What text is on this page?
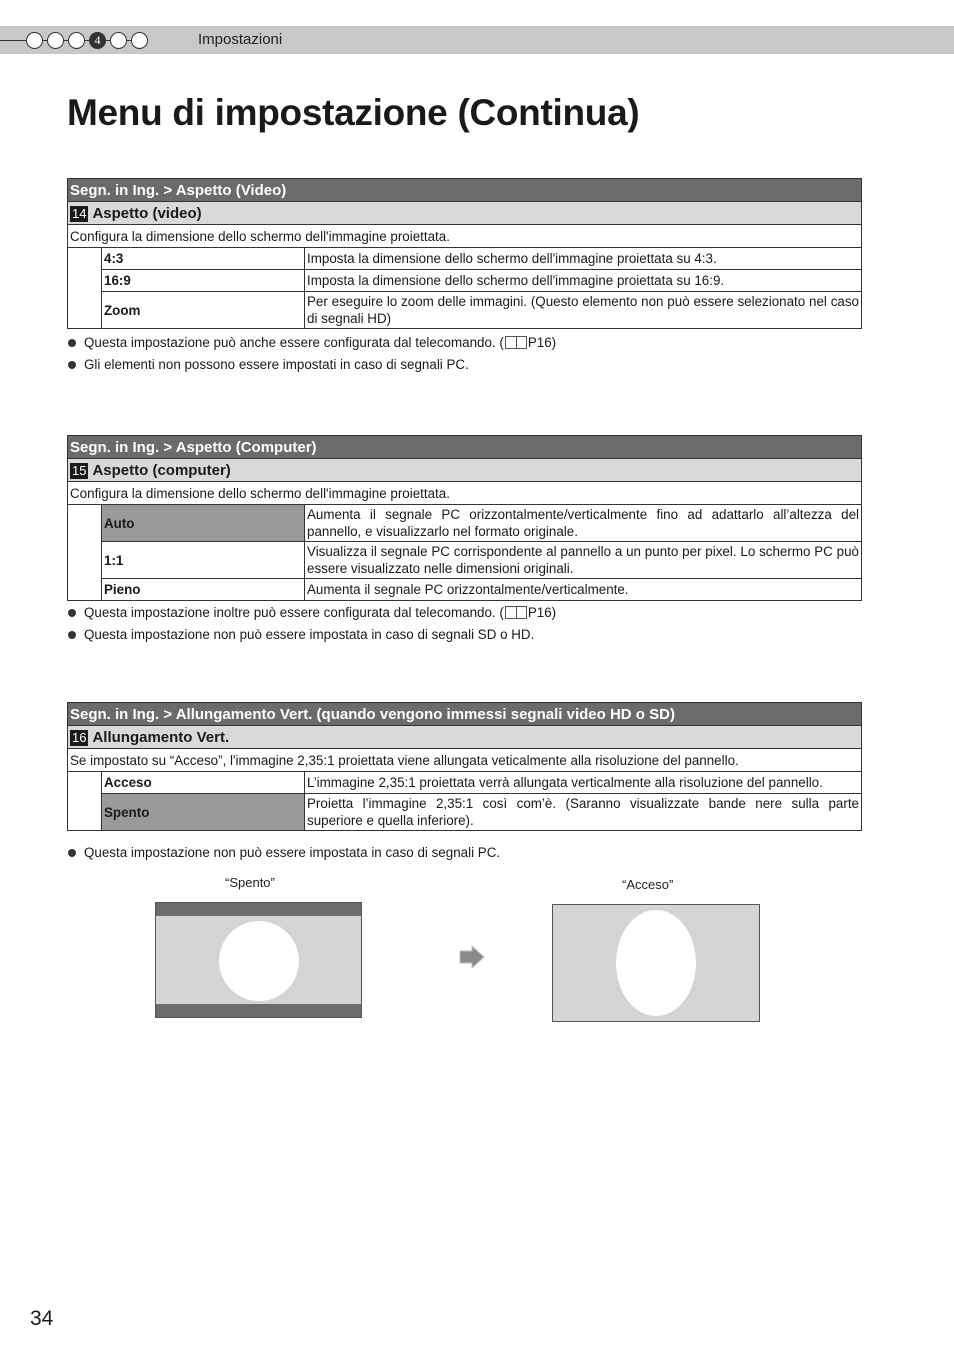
4	Impostazioni
Menu di impostazione (Continua)
Segn. in Ing. > Aspetto (Video)		
14 Aspetto (video)		
Configura la dimensione dello schermo dell'immagine proiettata.		
	4:3	Imposta la dimensione dello schermo dell'immagine proiettata su 4:3.
	16:9	Imposta la dimensione dello schermo dell'immagine proiettata su 16:9.
	Zoom	Per eseguire lo zoom delle immagini. (Questo elemento non può essere selezionato nel caso di segnali HD)
Questa impostazione può anche essere configurata dal telecomando. ( P16)
Gli elementi non possono essere impostati in caso di segnali PC.
Segn. in Ing. > Aspetto (Computer)		
15 Aspetto (computer)		
Configura la dimensione dello schermo dell'immagine proiettata.		
	Auto	Aumenta il segnale PC orizzontalmente/verticalmente fino ad adattarlo all’altezza del pannello, e visualizzarlo nel formato originale.
	1:1	Visualizza il segnale PC corrispondente al pannello a un punto per pixel. Lo schermo PC può essere visualizzato nelle dimensioni originali.
	Pieno	Aumenta il segnale PC orizzontalmente/verticalmente.
Questa impostazione inoltre può essere configurata dal telecomando. ( P16)
Questa impostazione non può essere impostata in caso di segnali SD o HD.
Segn. in Ing. > Allungamento Vert. (quando vengono immessi segnali video HD o SD)		
16 Allungamento Vert.		
Se impostato su “Acceso”, l'immagine 2,35:1 proiettata viene allungata veticalmente alla risoluzione del pannello.		
	Acceso	L’immagine 2,35:1 proiettata verrà allungata verticalmente alla risoluzione del pannello.
	Spento	Proietta l’immagine 2,35:1 così com’è. (Saranno visualizzate bande nere sulla parte superiore e quella inferiore).
Questa impostazione non può essere impostata in caso di segnali PC.
“Spento”	“Acceso”
34
